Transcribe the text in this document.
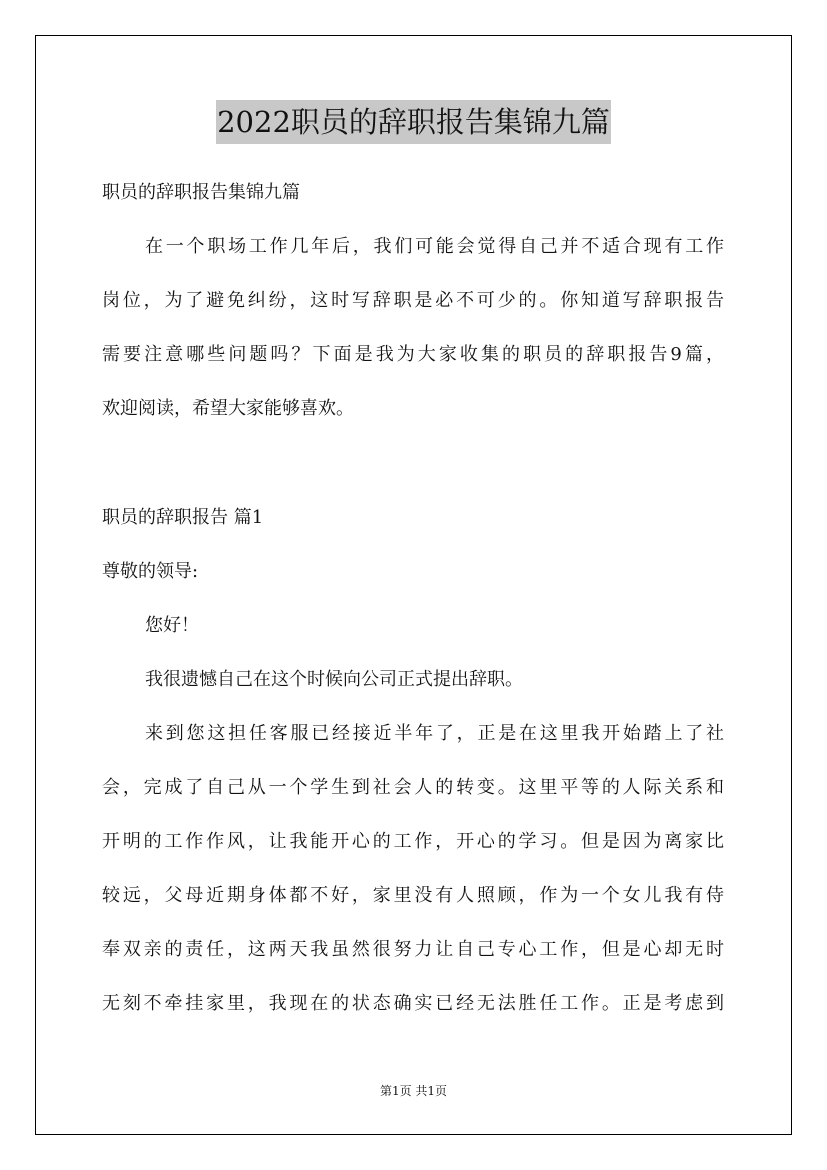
2022职员的辞职报告集锦九篇
职员的辞职报告集锦九篇
在一个职场工作几年后，我们可能会觉得自己并不适合现有工作
岗位，为了避免纠纷，这时写辞职是必不可少的。你知道写辞职报告
需要注意哪些问题吗？下面是我为大家收集的职员的辞职报告9篇，
欢迎阅读，希望大家能够喜欢。
职员的辞职报告 篇1
尊敬的领导:
您好！
我很遗憾自己在这个时候向公司正式提出辞职。
来到您这担任客服已经接近半年了，正是在这里我开始踏上了社
会，完成了自己从一个学生到社会人的转变。这里平等的人际关系和
开明的工作作风，让我能开心的工作，开心的学习。但是因为离家比
较远，父母近期身体都不好，家里没有人照顾，作为一个女儿我有侍
奉双亲的责任，这两天我虽然很努力让自己专心工作，但是心却无时
无刻不牵挂家里，我现在的状态确实已经无法胜任工作。正是考虑到
第1页 共1页
